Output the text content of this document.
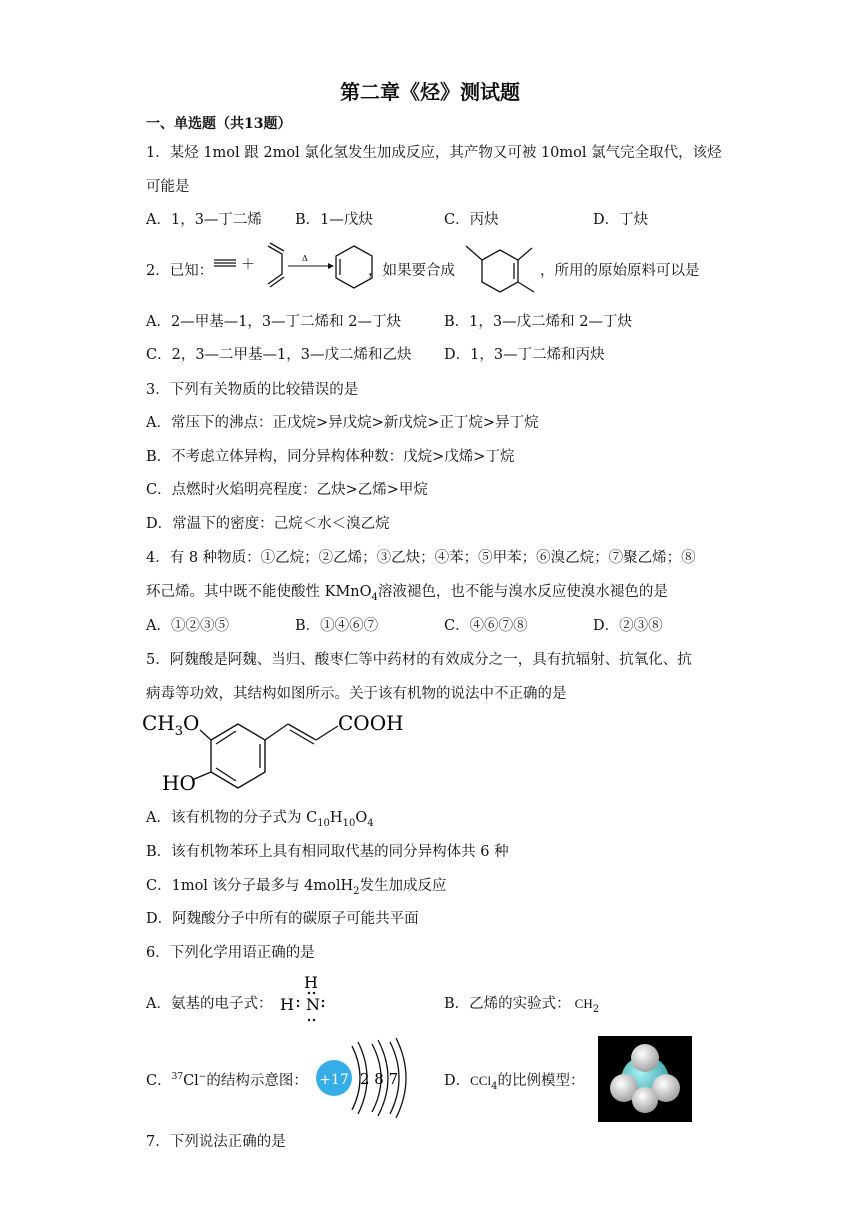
第二章《烃》测试题
一、单选题（共13题）
1．某烃 1mol 跟 2mol 氯化氢发生加成反应，其产物又可被 10mol 氯气完全取代，该烃
可能是
A．1，3—丁二烯 B．1—戊炔	C．丙炔	D．丁炔
2．已知： ＋	Δ
，如果要合成	，所用的原始原料可以是
A．2—甲基—1，3—丁二烯和 2—丁炔	B．1，3—戊二烯和 2—丁炔
C．2，3—二甲基—1，3—戊二烯和乙炔 D．1，3—丁二烯和丙炔
3．下列有关物质的比较错误的是
A．常压下的沸点：正戊烷>异戊烷>新戊烷>正丁烷>异丁烷
B．不考虑立体异构，同分异构体种数：戊烷>戊烯>丁烷
C．点燃时火焰明亮程度：乙炔>乙烯>甲烷
D．常温下的密度：己烷＜水＜溴乙烷
4．有 8 种物质：①乙烷；②乙烯；③乙炔；④苯；⑤甲苯；⑥溴乙烷；⑦聚乙烯；⑧
环己烯。其中既不能使酸性 KMnO$_4$溶液褪色，也不能与溴水反应使溴水褪色的是
A．①②③⑤	B．①④⑥⑦	C．④⑥⑦⑧	D．②③⑧
5．阿魏酸是阿魏、当归、酸枣仁等中药材的有效成分之一，具有抗辐射、抗氧化、抗
病毒等功效，其结构如图所示。关于该有机物的说法中不正确的是
$CH_3O$
HO
COOH
A．该有机物的分子式为 $C_{10}H_{10}O_4$
B．该有机物苯环上具有相同取代基的同分异构体共 6 种
C．1mol 该分子最多与 4molH$_2$发生加成反应
D．阿魏酸分子中所有的碳原子可能共平面
6．下列化学用语正确的是
A．氨基的电子式：
H
H N	B．乙烯的实验式： $CH_2$
C．$^{37}$Cl−的结构示意图： +17 2 8 7	D．CCl$_4$的比例模型：
7．下列说法正确的是
